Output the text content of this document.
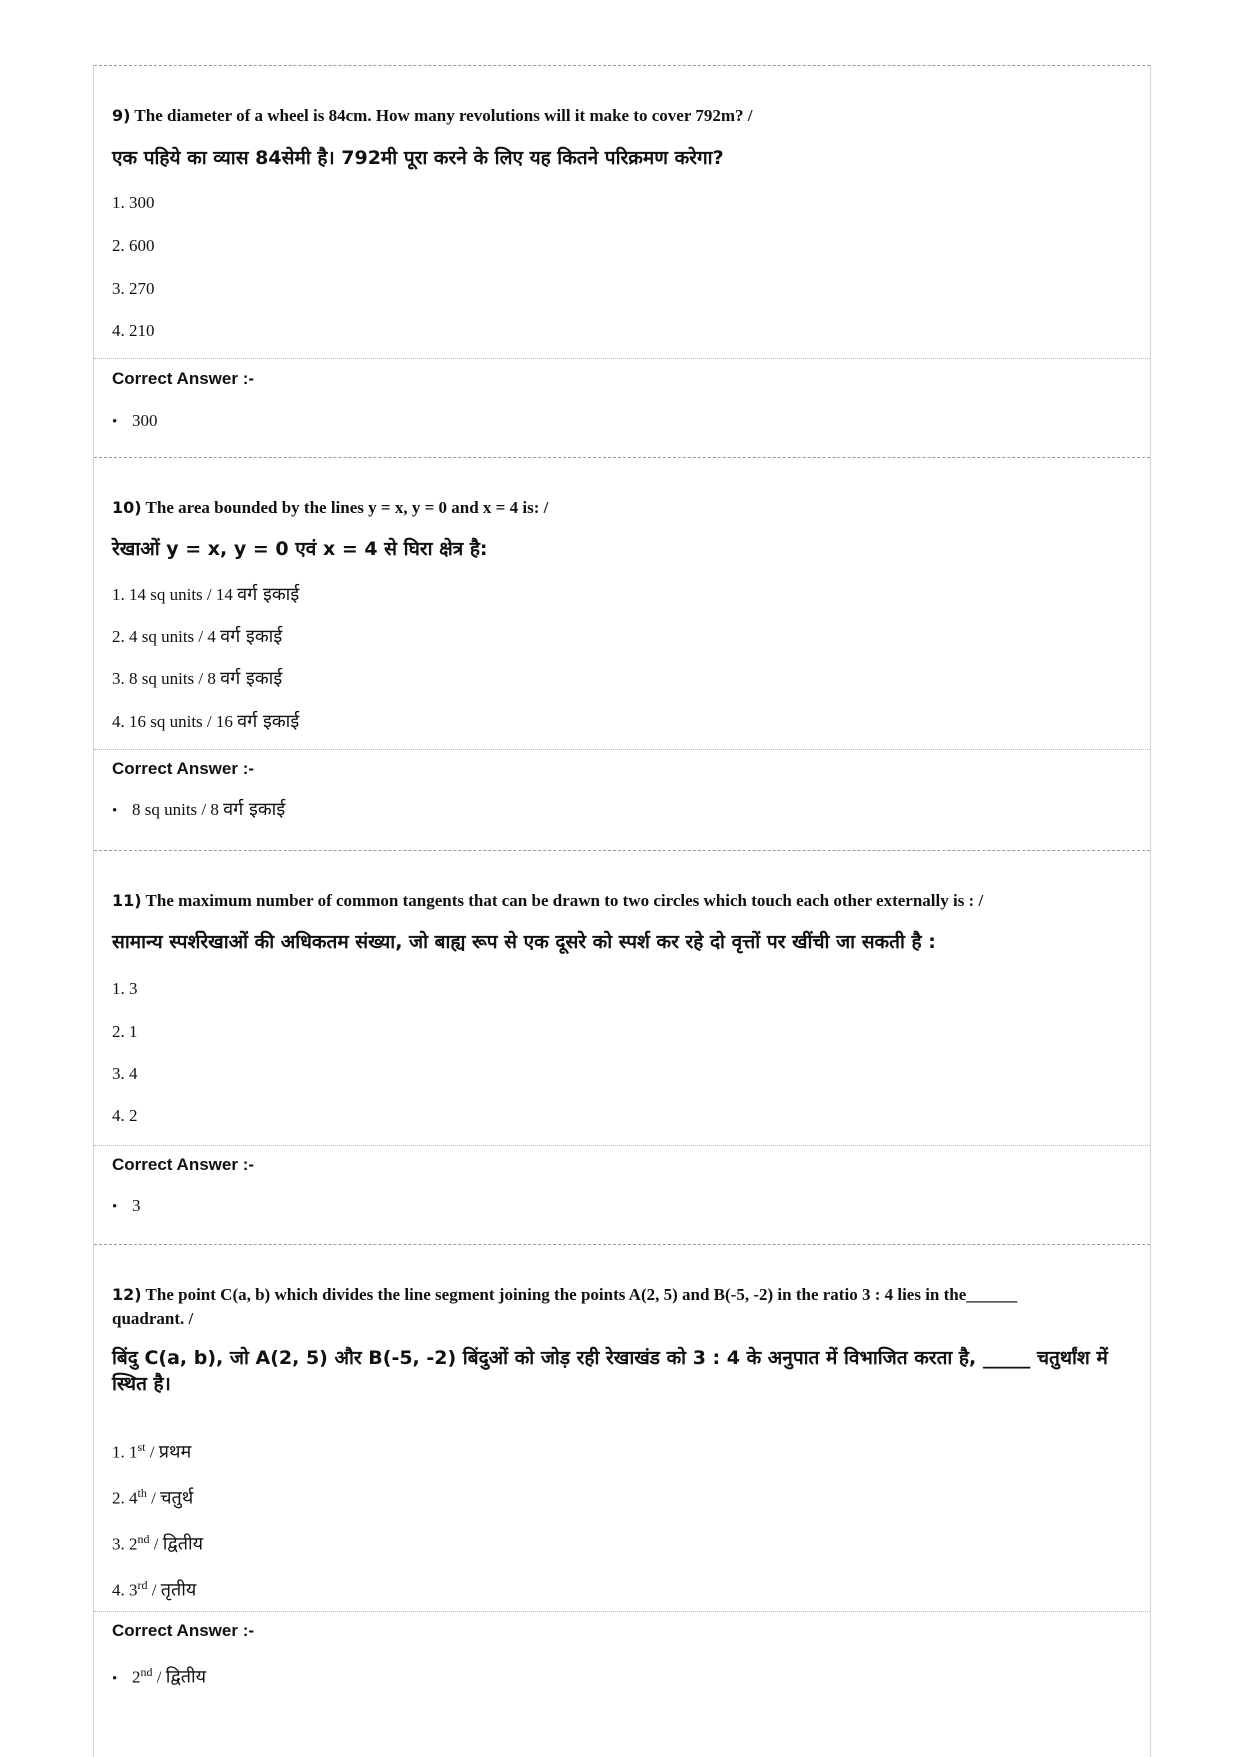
9) The diameter of a wheel is 84cm. How many revolutions will it make to cover 792m? /
एक पहिये का व्यास 84सेमी है। 792मी पूरा करने के लिए यह कितने परिक्रमण करेगा?
1. 300
2. 600
3. 270
4. 210
Correct Answer :-
• 300
10) The area bounded by the lines y = x, y = 0 and x = 4 is: /
रेखाओं y = x, y = 0 एवं x = 4 से घिरा क्षेत्र है:
1. 14 sq units / 14 वर्ग इकाई
2. 4 sq units / 4 वर्ग इकाई
3. 8 sq units / 8 वर्ग इकाई
4. 16 sq units / 16 वर्ग इकाई
Correct Answer :-
• 8 sq units / 8 वर्ग इकाई
11) The maximum number of common tangents that can be drawn to two circles which touch each other externally is : /
सामान्य स्पर्शरेखाओं की अधिकतम संख्या, जो बाह्य रूप से एक दूसरे को स्पर्श कर रहे दो वृत्तों पर खींची जा सकती है :
1. 3
2. 1
3. 4
4. 2
Correct Answer :-
• 3
12) The point C(a, b) which divides the line segment joining the points A(2, 5) and B(-5, -2) in the ratio 3 : 4 lies in the______
quadrant. /
बिंदु C(a, b), जो A(2, 5) और B(-5, -2) बिंदुओं को जोड़ रही रेखाखंड को 3 : 4 के अनुपात में विभाजित करता है, _____ चतुर्थांश में
स्थित है।
1. 1st / प्रथम
2. 4th / चतुर्थ
3. 2nd / द्वितीय
4. 3rd / तृतीय
Correct Answer :-
• 2nd / द्वितीय
